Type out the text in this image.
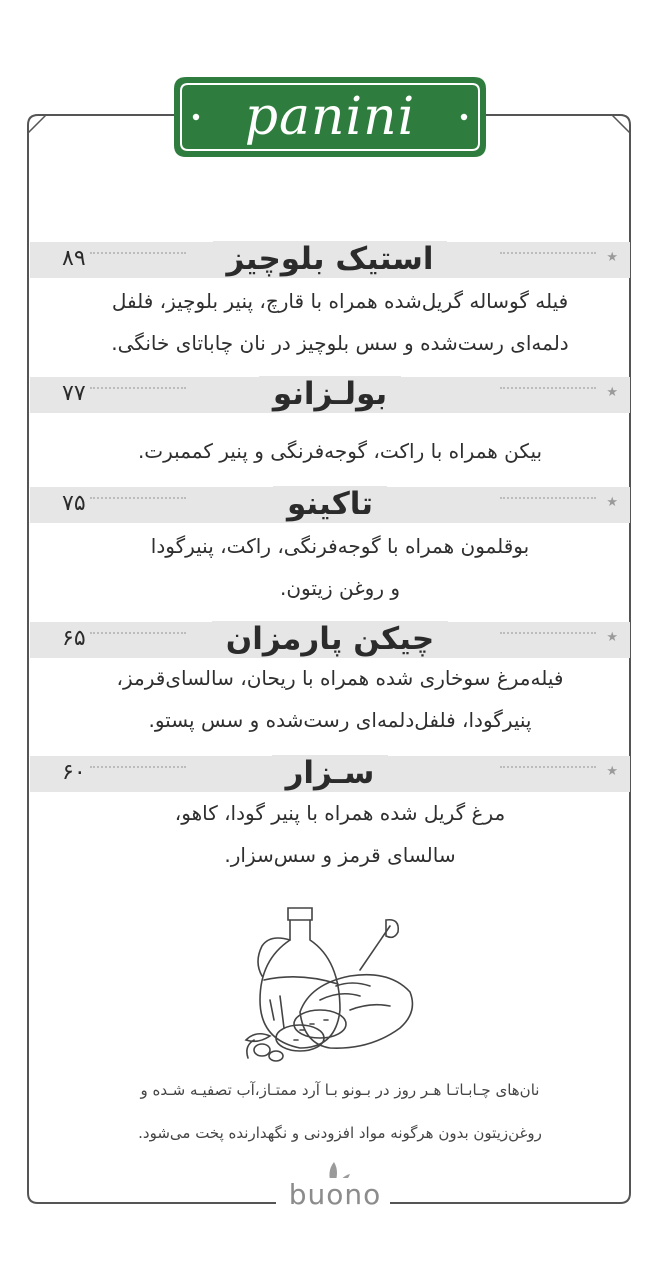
panini
★
استیک بلوچیز
۸۹
فیله گوساله گریل‌شده همراه با قارچ، پنیر بلوچیز، فلفل‌
دلمه‌ای رست‌شده و سس بلوچیز در نان چاباتای خانگی.
★
بولـزانو
۷۷
بیکن همراه با راکت، گوجه‌فرنگی و پنیر کممبرت.
★
تاکینو
۷۵
بوقلمون همراه با گوجه‌فرنگی، راکت، پنیرگودا
و روغن زیتون.
★
چیکن پارمزان
۶۵
فیله‌مرغ سوخاری شده همراه با ریحان، سالسای‌قرمز،
پنیرگودا، فلفل‌دلمه‌ای رست‌شده و سس پستو.
★
سـزار
۶۰
مرغ گریل شده همراه با پنیر گودا، کاهو،
سالسای قرمز و سس‌سزار.
نان‌های چـابـاتـا هـر روز در بـونو بـا آرد ممتـاز،آب تصفیـه شـده و
روغن‌زیتون بدون هرگونه مواد افزودنی و نگهدارنده پخت می‌شود.
buono
